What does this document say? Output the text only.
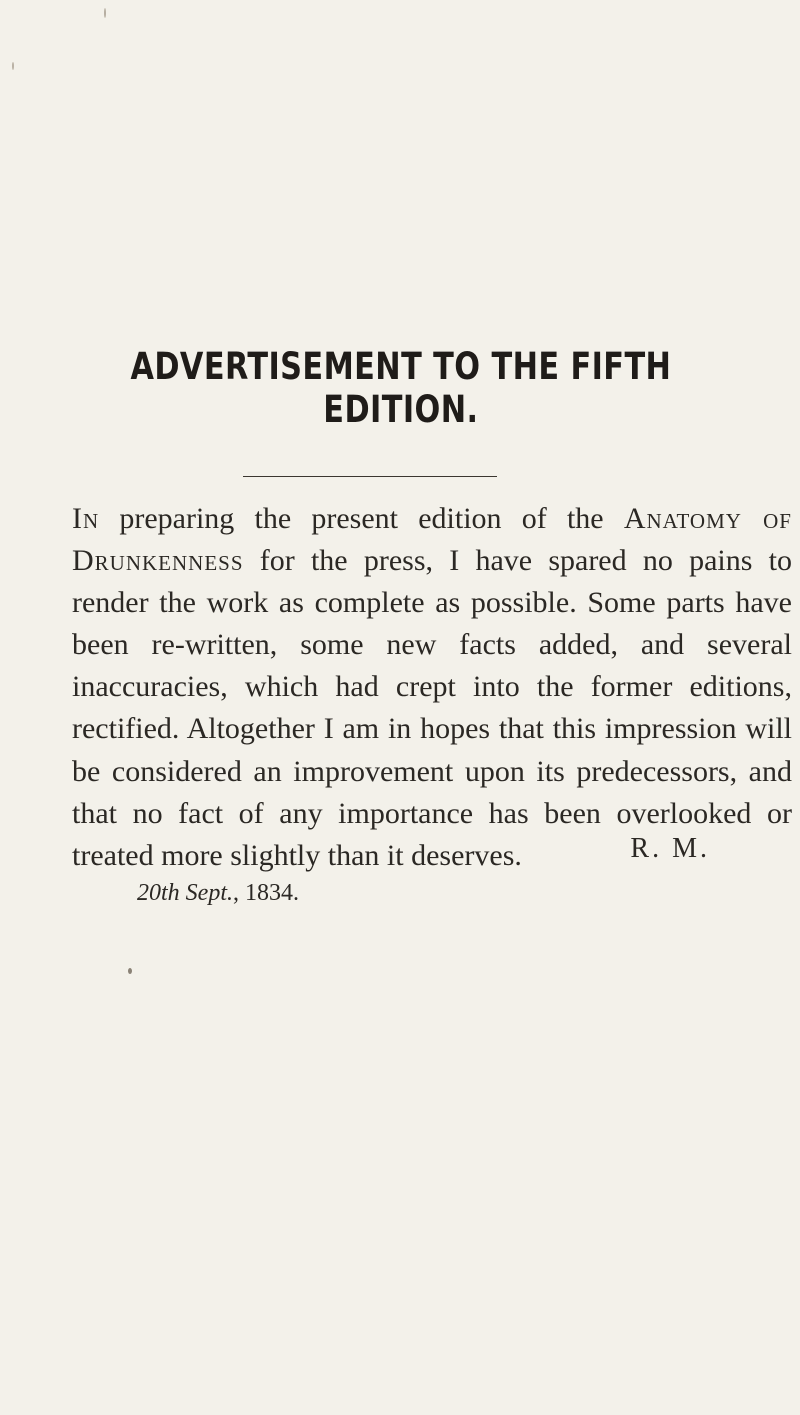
ADVERTISEMENT TO THE FIFTH EDITION.
In preparing the present edition of the Anatomy of Drunkenness for the press, I have spared no pains to render the work as complete as possible. Some parts have been re-written, some new facts added, and several inaccuracies, which had crept into the former editions, rectified. Altogether I am in hopes that this impression will be considered an improvement upon its predecessors, and that no fact of any importance has been overlooked or treated more slightly than it deserves.	R. M.
20th Sept., 1834.
